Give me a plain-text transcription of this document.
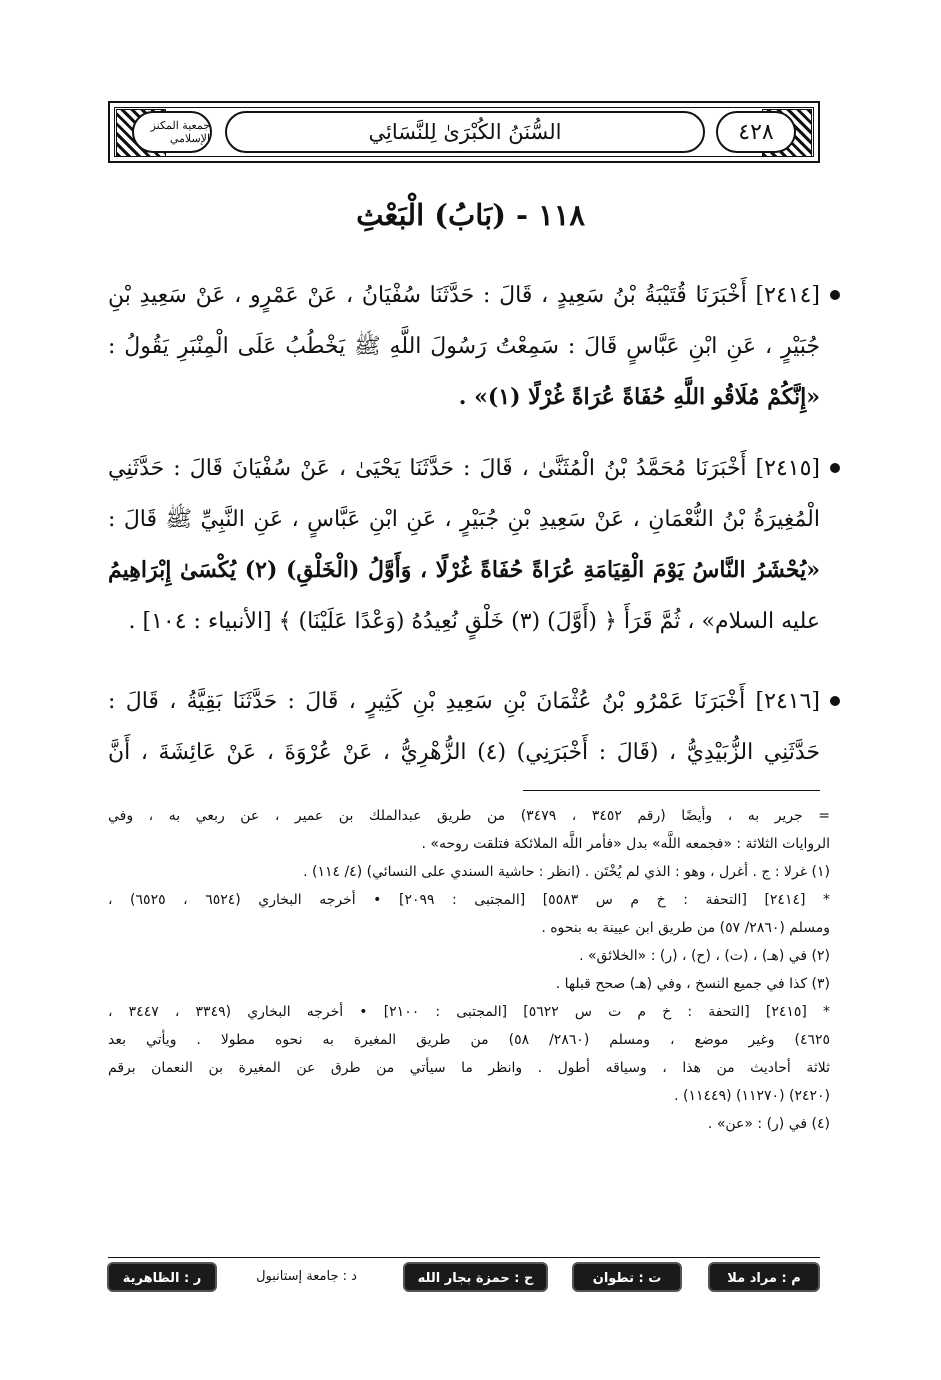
جمعية المكنز الإسلامي	السُّنَنُ الكُبْرَىٰ لِلنَّسَائِي	٤٢٨
١١٨ - (بَابُ) الْبَعْثِ
[٢٤١٤] أَخْبَرَنَا قُتَيْبَةُ بْنُ سَعِيدٍ ، قَالَ : حَدَّثَنَا سُفْيَانُ ، عَنْ عَمْرٍو ، عَنْ سَعِيدِ بْنِ
جُبَيْرٍ ، عَنِ ابْنِ عَبَّاسٍ قَالَ : سَمِعْتُ رَسُولَ اللَّهِ ﷺ يَخْطُبُ عَلَى الْمِنْبَرِ يَقُولُ :
«إِنَّكُمْ مُلَاقُو اللَّهِ حُفَاةً عُرَاةً غُرْلًا (١)» .
[٢٤١٥] أَخْبَرَنَا مُحَمَّدُ بْنُ الْمُثَنَّىٰ ، قَالَ : حَدَّثَنَا يَحْيَىٰ ، عَنْ سُفْيَانَ قَالَ : حَدَّثَنِي
الْمُغِيرَةُ بْنُ النُّعْمَانِ ، عَنْ سَعِيدِ بْنِ جُبَيْرٍ ، عَنِ ابْنِ عَبَّاسٍ ، عَنِ النَّبِيِّ ﷺ قَالَ :
«يُحْشَرُ النَّاسُ يَوْمَ الْقِيَامَةِ عُرَاةً حُفَاةً غُرْلًا ، وَأَوَّلُ (الْخَلْقِ) (٢) يُكْسَىٰ إِبْرَاهِيمُ
عليه السلام» ، ثُمَّ قَرَأَ ﴿ (أَوَّلَ) (٣) خَلْقٍ نُعِيدُهُ (وَعْدًا عَلَيْنَا) ﴾ [الأنبياء : ١٠٤] .
[٢٤١٦] أَخْبَرَنَا عَمْرُو بْنُ عُثْمَانَ بْنِ سَعِيدِ بْنِ كَثِيرٍ ، قَالَ : حَدَّثَنَا بَقِيَّةُ ، قَالَ :
حَدَّثَنِي الزُّبَيْدِيُّ ، (قَالَ : أَخْبَرَنِي) (٤) الزُّهْرِيُّ ، عَنْ عُرْوَةَ ، عَنْ عَائِشَةَ ، أَنَّ
= جرير به ، وأيضًا (رقم ٣٤٥٢ ، ٣٤٧٩) من طريق عبدالملك بن عمير ، عن ربعي به ، وفي
الروايات الثلاثة : «فجمعه اللَّه» بدل «فأمر اللَّه الملائكة فتلقت روحه» .
(١) غرلا : ج . أغرل ، وهو : الذي لم يُخْتَن . (انظر : حاشية السندي على النسائي) (٤/ ١١٤) .
* [٢٤١٤] [التحفة : خ م س ٥٥٨٣] [المجتبى : ٢٠٩٩] • أخرجه البخاري (٦٥٢٤ ، ٦٥٢٥) ،
ومسلم (٢٨٦٠/ ٥٧) من طريق ابن عيينة به بنحوه .
(٢) في (هـ) ، (ت) ، (ح) ، (ر) : «الخلائق» .
(٣) كذا في جميع النسخ ، وفي (هـ) صحح قبلها .
* [٢٤١٥] [التحفة : خ م ت س ٥٦٢٢] [المجتبى : ٢١٠٠] • أخرجه البخاري (٣٣٤٩ ، ٣٤٤٧ ،
٤٦٢٥) وغير موضع ، ومسلم (٢٨٦٠/ ٥٨) من طريق المغيرة به نحوه مطولا . ويأتي بعد
ثلاثة أحاديث من هذا ، وسياقه أطول . وانظر ما سيأتي من طرق عن المغيرة بن النعمان برقم
(٢٤٢٠) (١١٢٧٠) (١١٤٤٩) .
(٤) في (ر) : «عن» .
م : مراد ملا
ت : تطوان
ح : حمزة بجار الله
د : جامعة إستانبول
ر : الظاهرية
